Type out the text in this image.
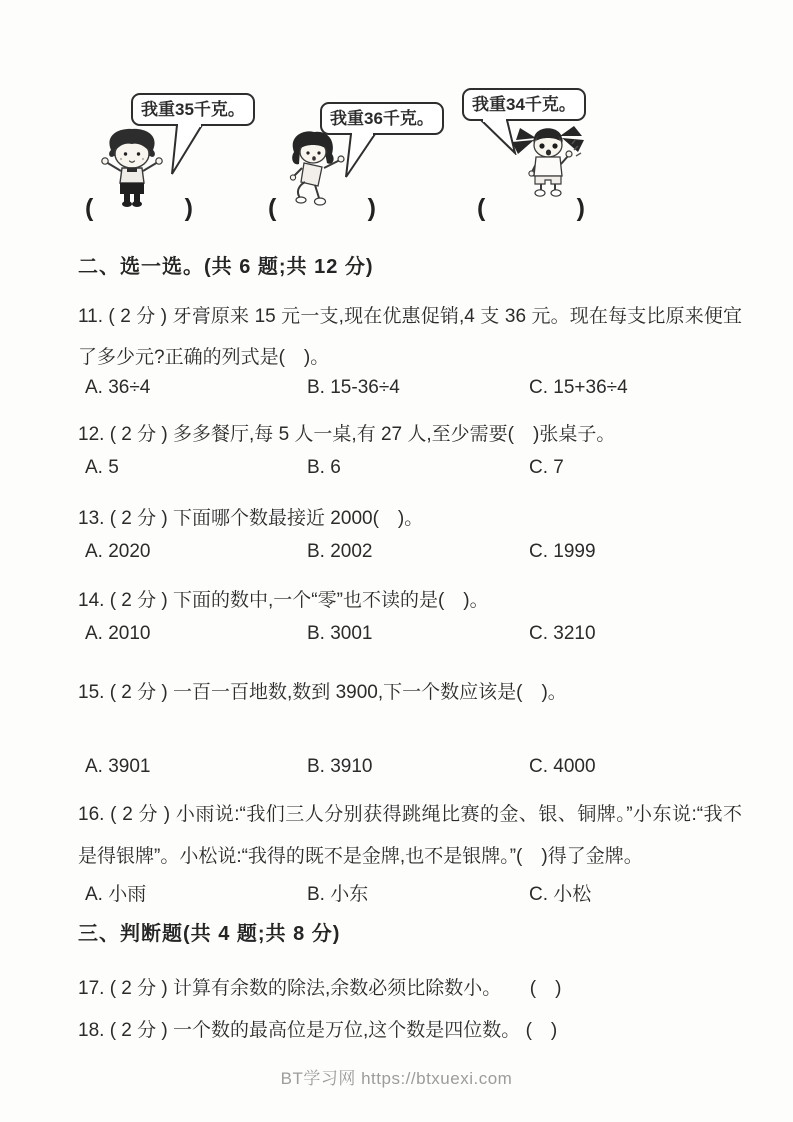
我重35千克。	我重36千克。
我重34千克。
(	)	(	)	(	)
二、选一选。(共 6 题;共 12 分)
11. ( 2 分 ) 牙膏原来 15 元一支,现在优惠促销,4 支 36 元。现在每支比原来便宜了多少元?正确的列式是(　)。
A. 36÷4	B. 15-36÷4	C. 15+36÷4
12. ( 2 分 ) 多多餐厅,每 5 人一桌,有 27 人,至少需要(　)张桌子。
A. 5	B. 6	C. 7
13. ( 2 分 ) 下面哪个数最接近 2000(　)。
A. 2020	B. 2002	C. 1999
14. ( 2 分 ) 下面的数中,一个“零”也不读的是(　)。
A. 2010	B. 3001	C. 3210
15. ( 2 分 ) 一百一百地数,数到 3900,下一个数应该是(　)。
A. 3901	B. 3910	C. 4000
16. ( 2 分 ) 小雨说:“我们三人分别获得跳绳比赛的金、银、铜牌。”小东说:“我不是得银牌”。小松说:“我得的既不是金牌,也不是银牌。”(　)得了金牌。
A. 小雨	B. 小东	C. 小松
三、判断题(共 4 题;共 8 分)
17. ( 2 分 ) 计算有余数的除法,余数必须比除数小。　　(　)
18. ( 2 分 ) 一个数的最高位是万位,这个数是四位数。 (　)
BT学习网 https://btxuexi.com
